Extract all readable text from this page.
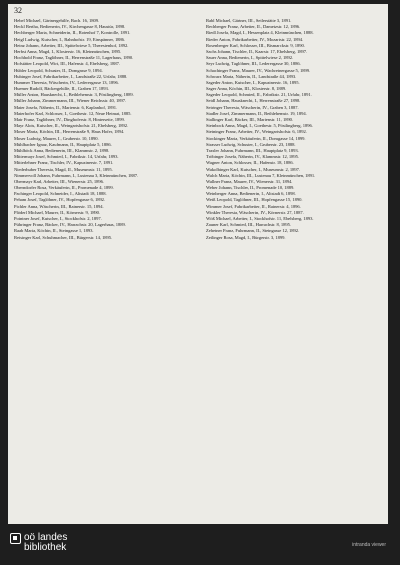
32

Hebel Michael, Gärtnergehilfe, Bach. 16, 1809.

Heckl Bertha, Bedienerin, IV., Kirchengasse 8, Haustür, 1898.

Hechberger Maria, Schneiderin, II., Rotenhof 7, Kontrolle, 1891.

Heigl Ludwig, Kutscher, I., Bahnhofstr. 19, Einspänner, 1886.

Heinz Johann, Arbeiter, III., Spittelwiese 5, Theresienhof, 1892.

Herbst Anna, Magd, I., Klosterstr. 16, Kleinmünchen, 1895.

Hochhold Franz, Taglöhner, II., Herrenstraße 11, Lagerhaus, 1890.

Hofstätter Leopold, Wirt, III., Hafenstr. 4, Ebelsberg, 1887.

Hübler Leopold, Schuster, II., Domgasse 9, 1894.

Hubinger Josef, Fabrikarbeiter, I., Landstraße 22, Urfahr, 1888.

Hummer Theresia, Wäscherin, IV., Lederergasse 13, 1896.

Huemer Rudolf, Bäckergehilfe, II., Graben 17, 1893.

Müller Anton, Hausknecht, I., Bethlehemstr. 3, Pöstlingberg, 1889.

Müller Johann, Zimmermann, III., Wiener Reichsstr. 40, 1897.

Maier Josefa, Näherin, II., Marienstr. 6, Kaplanhof, 1891.

Maierhofer Karl, Schlosser, I., Goethestr. 12, Neue Heimat, 1885.

Mair Franz, Taglöhner, IV., Dinghoferstr. 8, Hinterseite, 1899.

Mayr Alois, Kutscher, II., Weingartshofstr. 21, Ebelsberg, 1892.

Moser Maria, Köchin, III., Herrenstraße 9, Haus Hofer, 1894.

Moser Ludwig, Maurer, I., Gruberstr. 10, 1890.

Mühlbacher Ignaz, Kaufmann, II., Hauptplatz 5, 1886.

Mühlböck Anna, Bedienerin, III., Klammstr. 2, 1898.

Mittermayr Josef, Schmied, I., Fabrikstr. 14, Urfahr, 1893.

Mitterlehner Franz, Tischler, IV., Kapuzinerstr. 7, 1891.

Niederhuber Theresia, Magd, II., Museumstr. 11, 1895.

Nimmervoll Johann, Fuhrmann, I., Lustenau 3, Kleinmünchen, 1887.

Obermayr Karl, Arbeiter, III., Wienerstr. 25, 1896.

Oberndorfer Rosa, Verkäuferin, II., Promenade 4, 1899.

Pachinger Leopold, Schneider, I., Altstadt 18, 1888.

Peham Josef, Taglöhner, IV., Hopfengasse 6, 1892.

Pichler Anna, Wäscherin, III., Rainerstr. 15, 1894.

Plöderl Michael, Maurer, II., Körnerstr. 9, 1890.

Pointner Josef, Kutscher, I., Stockhofstr. 2, 1897.

Pühringer Franz, Bäcker, IV., Harrachstr. 20, Lagerhaus, 1889.

Raab Maria, Köchin, II., Steingasse 1, 1893.

Reisinger Karl, Schuhmacher, III., Bürgerstr. 14, 1895.

Rabl Michael, Gärtner, III., Seilerstätte 3, 1891.

Rechberger Franz, Arbeiter, II., Dametzstr. 12, 1896.

Riedl Josefa, Magd, I., Hessenplatz 4, Kleinmünchen, 1888.

Rieder Anton, Fabrikarbeiter, IV., Mozartstr. 22, 1894.

Rosenberger Karl, Schlosser, III., Bismarckstr. 9, 1890.

Sachs Johann, Tischler, II., Kaarstr. 17, Ebelsberg, 1897.

Sauer Anna, Bedienerin, I., Spittelwiese 2, 1892.

Seyr Ludwig, Taglöhner, III., Lederergasse 30, 1886.

Schachinger Franz, Maurer, IV., Wachreinergasse 5, 1899.

Schwarz Maria, Näherin, II., Landstraße 44, 1893.

Sageder Anton, Kutscher, I., Kapuzinerstr. 16, 1895.

Sager Anna, Köchin, III., Klosterstr. 8, 1889.

Sageder Leopold, Schmied, II., Fabrikstr. 21, Urfahr, 1891.

Seidl Johann, Hausknecht, I., Herrenstraße 27, 1898.

Seiringer Theresia, Wäscherin, IV., Graben 3, 1887.

Stadler Josef, Zimmermann, II., Bethlehemstr. 19, 1894.

Stallinger Karl, Bäcker, III., Marienstr. 11, 1890.

Steinbock Anna, Magd, I., Goethestr. 5, Pöstlingberg, 1896.

Steininger Franz, Arbeiter, IV., Weingartshofstr. 6, 1892.

Stockinger Maria, Verkäuferin, II., Domgasse 14, 1899.

Strasser Ludwig, Schuster, I., Gruberstr. 23, 1888.

Traxler Johann, Fuhrmann, III., Hauptplatz 9, 1893.

Tröbinger Josefa, Näherin, IV., Klammstr. 12, 1895.

Wagner Anton, Schlosser, II., Hafenstr. 18, 1886.

Wakolbinger Karl, Kutscher, I., Museumstr. 2, 1897.

Walch Maria, Köchin, III., Lustenau 7, Kleinmünchen, 1891.

Wallner Franz, Maurer, IV., Wienerstr. 31, 1894.

Weber Johann, Tischler, II., Promenade 10, 1889.

Weinberger Anna, Bedienerin, I., Altstadt 6, 1898.

Weiß Leopold, Taglöhner, III., Hopfengasse 15, 1890.

Wimmer Josef, Fabrikarbeiter, II., Rainerstr. 4, 1896.

Winkler Theresia, Wäscherin, IV., Körnerstr. 27, 1887.

Wöß Michael, Arbeiter, I., Stockhofstr. 11, Ebelsberg, 1893.

Zauner Karl, Schmied, III., Harrachstr. 8, 1895.

Zehetner Franz, Fuhrmann, II., Steingasse 12, 1892.

Zeilinger Rosa, Magd, I., Bürgerstr. 3, 1899.

oö landes
bibliothek	intranda viewer
